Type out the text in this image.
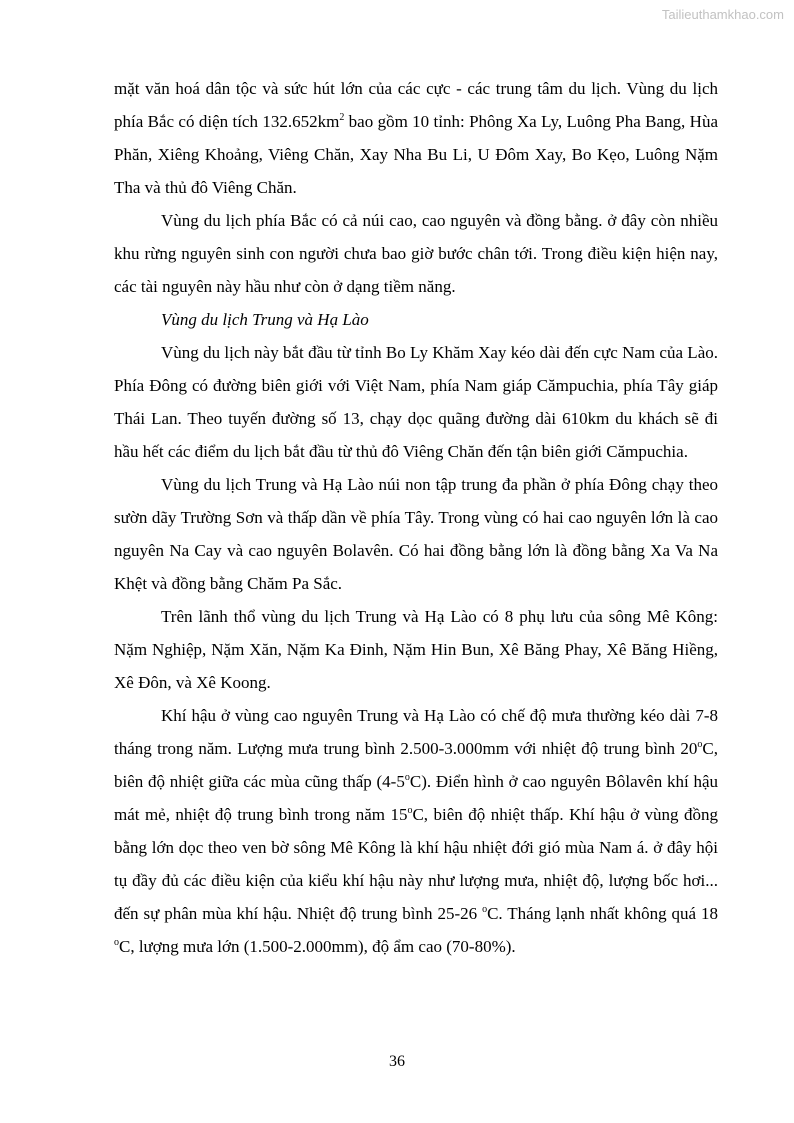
Tailieuthamkhao.com

mặt văn hoá dân tộc và sức hút lớn của các cực - các trung tâm du lịch. Vùng du lịch phía Bắc có diện tích $132.652km^2$ bao gồm 10 tỉnh: Phông Xa Ly, Luông Pha Bang, Hùa Phăn, Xiêng Khoảng, Viêng Chăn, Xay Nha Bu Li, U Đôm Xay, Bo Kẹo, Luông Nặm Tha và thủ đô Viêng Chăn.

Vùng du lịch phía Bắc có cả núi cao, cao nguyên và đồng bằng. ở đây còn nhiều khu rừng nguyên sinh con người chưa bao giờ bước chân tới. Trong điều kiện hiện nay, các tài nguyên này hầu như còn ở dạng tiềm năng.

Vùng du lịch Trung và Hạ Lào

Vùng du lịch này bắt đầu từ tỉnh Bo Ly Khăm Xay kéo dài đến cực Nam của Lào. Phía Đông có đường biên giới với Việt Nam, phía Nam giáp Cămpuchia, phía Tây giáp Thái Lan. Theo tuyến đường số 13, chạy dọc quãng đường dài 610km du khách sẽ đi hầu hết các điểm du lịch bắt đầu từ thủ đô Viêng Chăn đến tận biên giới Cămpuchia.

Vùng du lịch Trung và Hạ Lào núi non tập trung đa phần ở phía Đông chạy theo sườn dãy Trường Sơn và thấp dần về phía Tây. Trong vùng có hai cao nguyên lớn là cao nguyên Na Cay và cao nguyên Bolavên. Có hai đồng bằng lớn là đồng bằng Xa Va Na Khệt và đồng bằng Chăm Pa Sắc.

Trên lãnh thổ vùng du lịch Trung và Hạ Lào có 8 phụ lưu của sông Mê Kông: Nặm Nghiệp, Nặm Xăn, Nặm Ka Đinh, Nặm Hin Bun, Xê Băng Phay, Xê Băng Hiềng, Xê Đôn, và Xê Koong.

Khí hậu ở vùng cao nguyên Trung và Hạ Lào có chế độ mưa thường kéo dài 7-8 tháng trong năm. Lượng mưa trung bình 2.500-3.000mm với nhiệt độ trung bình 20$^o$C, biên độ nhiệt giữa các mùa cũng thấp (4-5$^o$C). Điển hình ở cao nguyên Bôlavên khí hậu mát mẻ, nhiệt độ trung bình trong năm 15$^o$C, biên độ nhiệt thấp. Khí hậu ở vùng đồng bằng lớn dọc theo ven bờ sông Mê Kông là khí hậu nhiệt đới gió mùa Nam á. ở đây hội tụ đầy đủ các điều kiện của kiểu khí hậu này như lượng mưa, nhiệt độ, lượng bốc hơi... đến sự phân mùa khí hậu. Nhiệt độ trung bình 25-26 $^o$C. Tháng lạnh nhất không quá 18 $^o$C, lượng mưa lớn (1.500-2.000mm), độ ẩm cao (70-80%).

36
